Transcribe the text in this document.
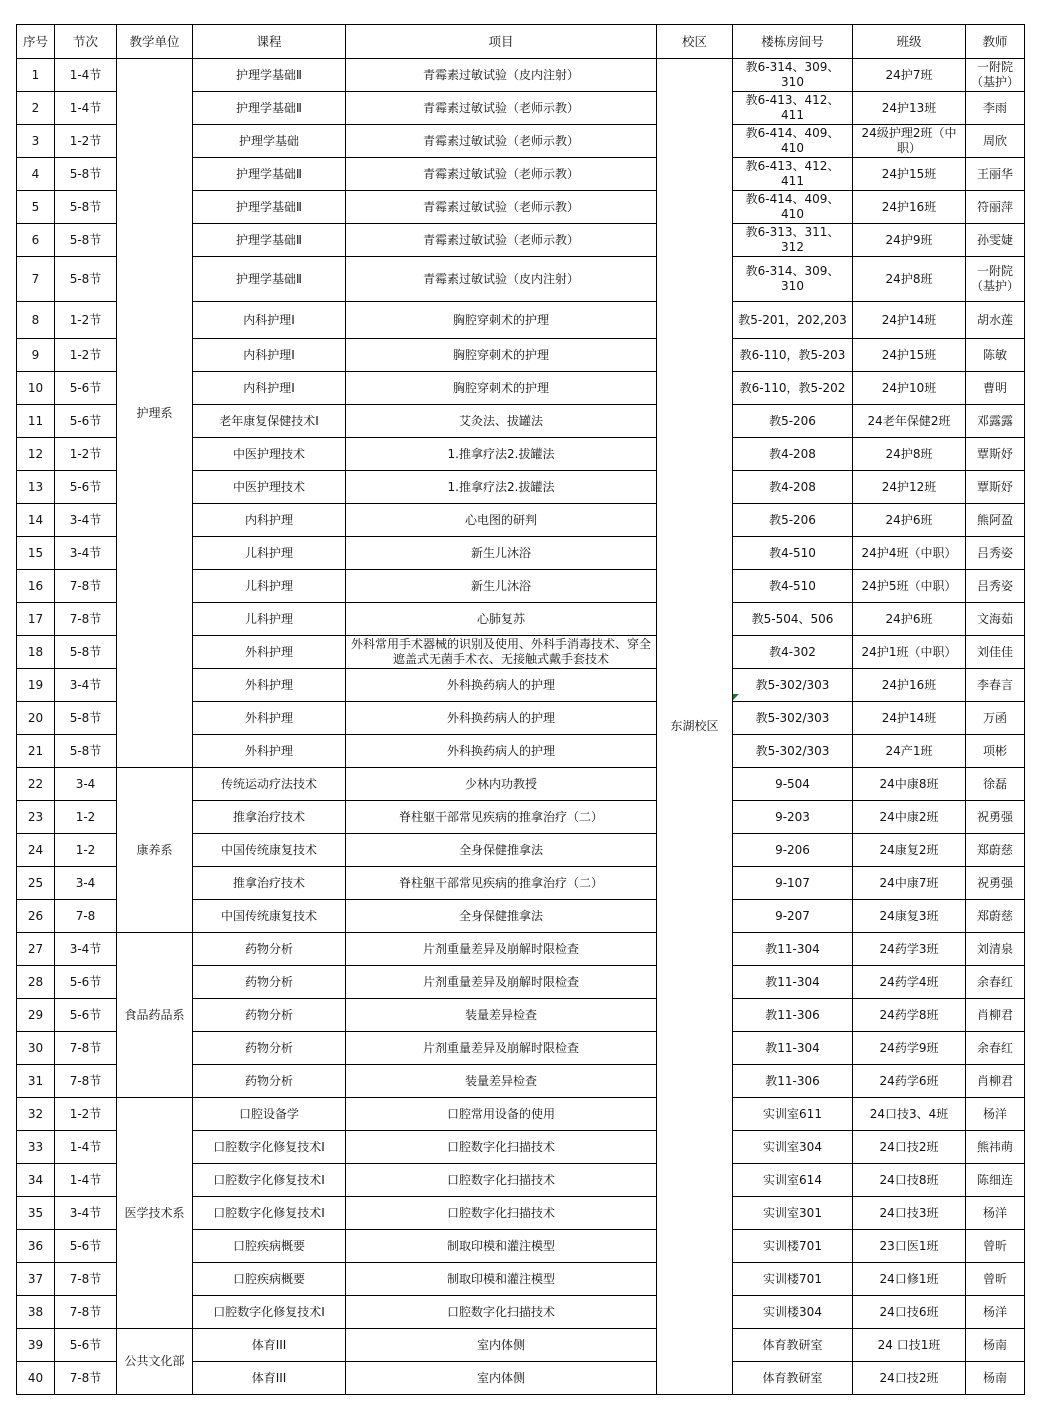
序号	节次	教学单位	课程	项目	校区	楼栋房间号	班级	教师
1	1-4节	护理系	护理学基础Ⅱ	青霉素过敏试验（皮内注射）	东湖校区	教6-314、309、310	24护7班	一附院（基护）
2	1-4节		护理学基础Ⅱ	青霉素过敏试验（老师示教）		教6-413、412、411	24护13班	李雨
3	1-2节		护理学基础	青霉素过敏试验（老师示教）		教6-414、409、410	24级护理2班（中职）	周欣
4	5-8节		护理学基础Ⅱ	青霉素过敏试验（老师示教）		教6-413、412、411	24护15班	王丽华
5	5-8节		护理学基础Ⅱ	青霉素过敏试验（老师示教）		教6-414、409、410	24护16班	符丽萍
6	5-8节		护理学基础Ⅱ	青霉素过敏试验（老师示教）		教6-313、311、312	24护9班	孙雯婕
7	5-8节		护理学基础Ⅱ	青霉素过敏试验（皮内注射）		教6-314、309、310	24护8班	一附院（基护）
8	1-2节		内科护理I	胸腔穿刺术的护理		教5-201，202,203	24护14班	胡水莲
9	1-2节		内科护理I	胸腔穿刺术的护理		教6-110，教5-203	24护15班	陈敏
10	5-6节		内科护理I	胸腔穿刺术的护理		教6-110，教5-202	24护10班	曹明
11	5-6节		老年康复保健技术I	艾灸法、拔罐法		教5-206	24老年保健2班	邓露露
12	1-2节		中医护理技术	1.推拿疗法2.拔罐法		教4-208	24护8班	覃斯妤
13	5-6节		中医护理技术	1.推拿疗法2.拔罐法		教4-208	24护12班	覃斯妤
14	3-4节		内科护理	心电图的研判		教5-206	24护6班	熊阿盈
15	3-4节		儿科护理	新生儿沐浴		教4-510	24护4班（中职）	吕秀姿
16	7-8节		儿科护理	新生儿沐浴		教4-510	24护5班（中职）	吕秀姿
17	7-8节		儿科护理	心肺复苏		教5-504、506	24护6班	文海茹
18	5-8节		外科护理	外科常用手术器械的识别及使用、外科手消毒技术、穿全遮盖式无菌手术衣、无接触式戴手套技术		教4-302	24护1班（中职）	刘佳佳
19	3-4节		外科护理	外科换药病人的护理		教5-302/303	24护16班	李春言
20	5-8节		外科护理	外科换药病人的护理		教5-302/303	24护14班	万函
21	5-8节		外科护理	外科换药病人的护理		教5-302/303	24产1班	项彬
22	3-4	康养系	传统运动疗法技术	少林内功教授		9-504	24中康8班	徐磊
23	1-2		推拿治疗技术	脊柱躯干部常见疾病的推拿治疗（二）		9-203	24中康2班	祝勇强
24	1-2		中国传统康复技术	全身保健推拿法		9-206	24康复2班	郑蔚慈
25	3-4		推拿治疗技术	脊柱躯干部常见疾病的推拿治疗（二）		9-107	24中康7班	祝勇强
26	7-8		中国传统康复技术	全身保健推拿法		9-207	24康复3班	郑蔚慈
27	3-4节	食品药品系	药物分析	片剂重量差异及崩解时限检查		教11-304	24药学3班	刘清泉
28	5-6节		药物分析	片剂重量差异及崩解时限检查		教11-304	24药学4班	余春红
29	5-6节		药物分析	装量差异检查		教11-306	24药学8班	肖柳君
30	7-8节		药物分析	片剂重量差异及崩解时限检查		教11-304	24药学9班	余春红
31	7-8节		药物分析	装量差异检查		教11-306	24药学6班	肖柳君
32	1-2节	医学技术系	口腔设备学	口腔常用设备的使用		实训室611	24口技3、4班	杨洋
33	1-4节		口腔数字化修复技术I	口腔数字化扫描技术		实训室304	24口技2班	熊祎萌
34	1-4节		口腔数字化修复技术I	口腔数字化扫描技术		实训室614	24口技8班	陈细连
35	3-4节		口腔数字化修复技术I	口腔数字化扫描技术		实训室301	24口技3班	杨洋
36	5-6节		口腔疾病概要	制取印模和灌注模型		实训楼701	23口医1班	曾昕
37	7-8节		口腔疾病概要	制取印模和灌注模型		实训楼701	24口修1班	曾昕
38	7-8节		口腔数字化修复技术I	口腔数字化扫描技术		实训楼304	24口技6班	杨洋
39	5-6节	公共文化部	体育III	室内体侧		体育教研室	24 口技1班	杨南
40	7-8节		体育III	室内体侧		体育教研室	24口技2班	杨南
